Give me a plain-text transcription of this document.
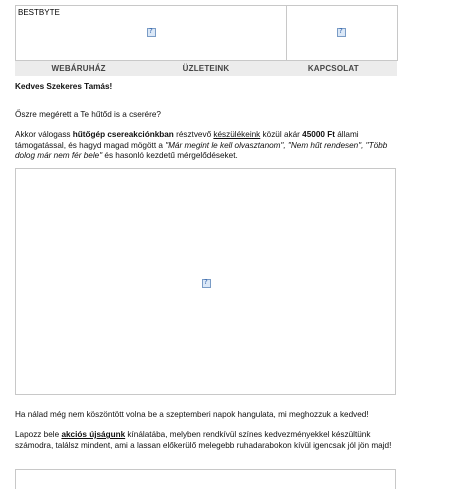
BESTBYTE
?
?
WEBÁRUHÁZ	ÜZLETEINK	KAPCSOLAT
Kedves Szekeres Tamás!
Őszre megérett a Te hűtőd is a cserére?
Akkor válogass hűtőgép csereakciónkban résztvevő készülékeink közül akár 45000 Ft állami támogatással, és hagyd magad mögött a "Már megint le kell olvasztanom", "Nem hűt rendesen", "Több dolog már nem fér bele" és hasonló kezdetű mérgelődéseket.
?
Ha nálad még nem köszöntött volna be a szeptemberi napok hangulata, mi meghozzuk a kedved!
Lapozz bele akciós újságunk kínálatába, melyben rendkívül színes kedvezményekkel készültünk számodra, találsz mindent, ami a lassan előkerülő melegebb ruhadarabokon kívül igencsak jól jön majd!
